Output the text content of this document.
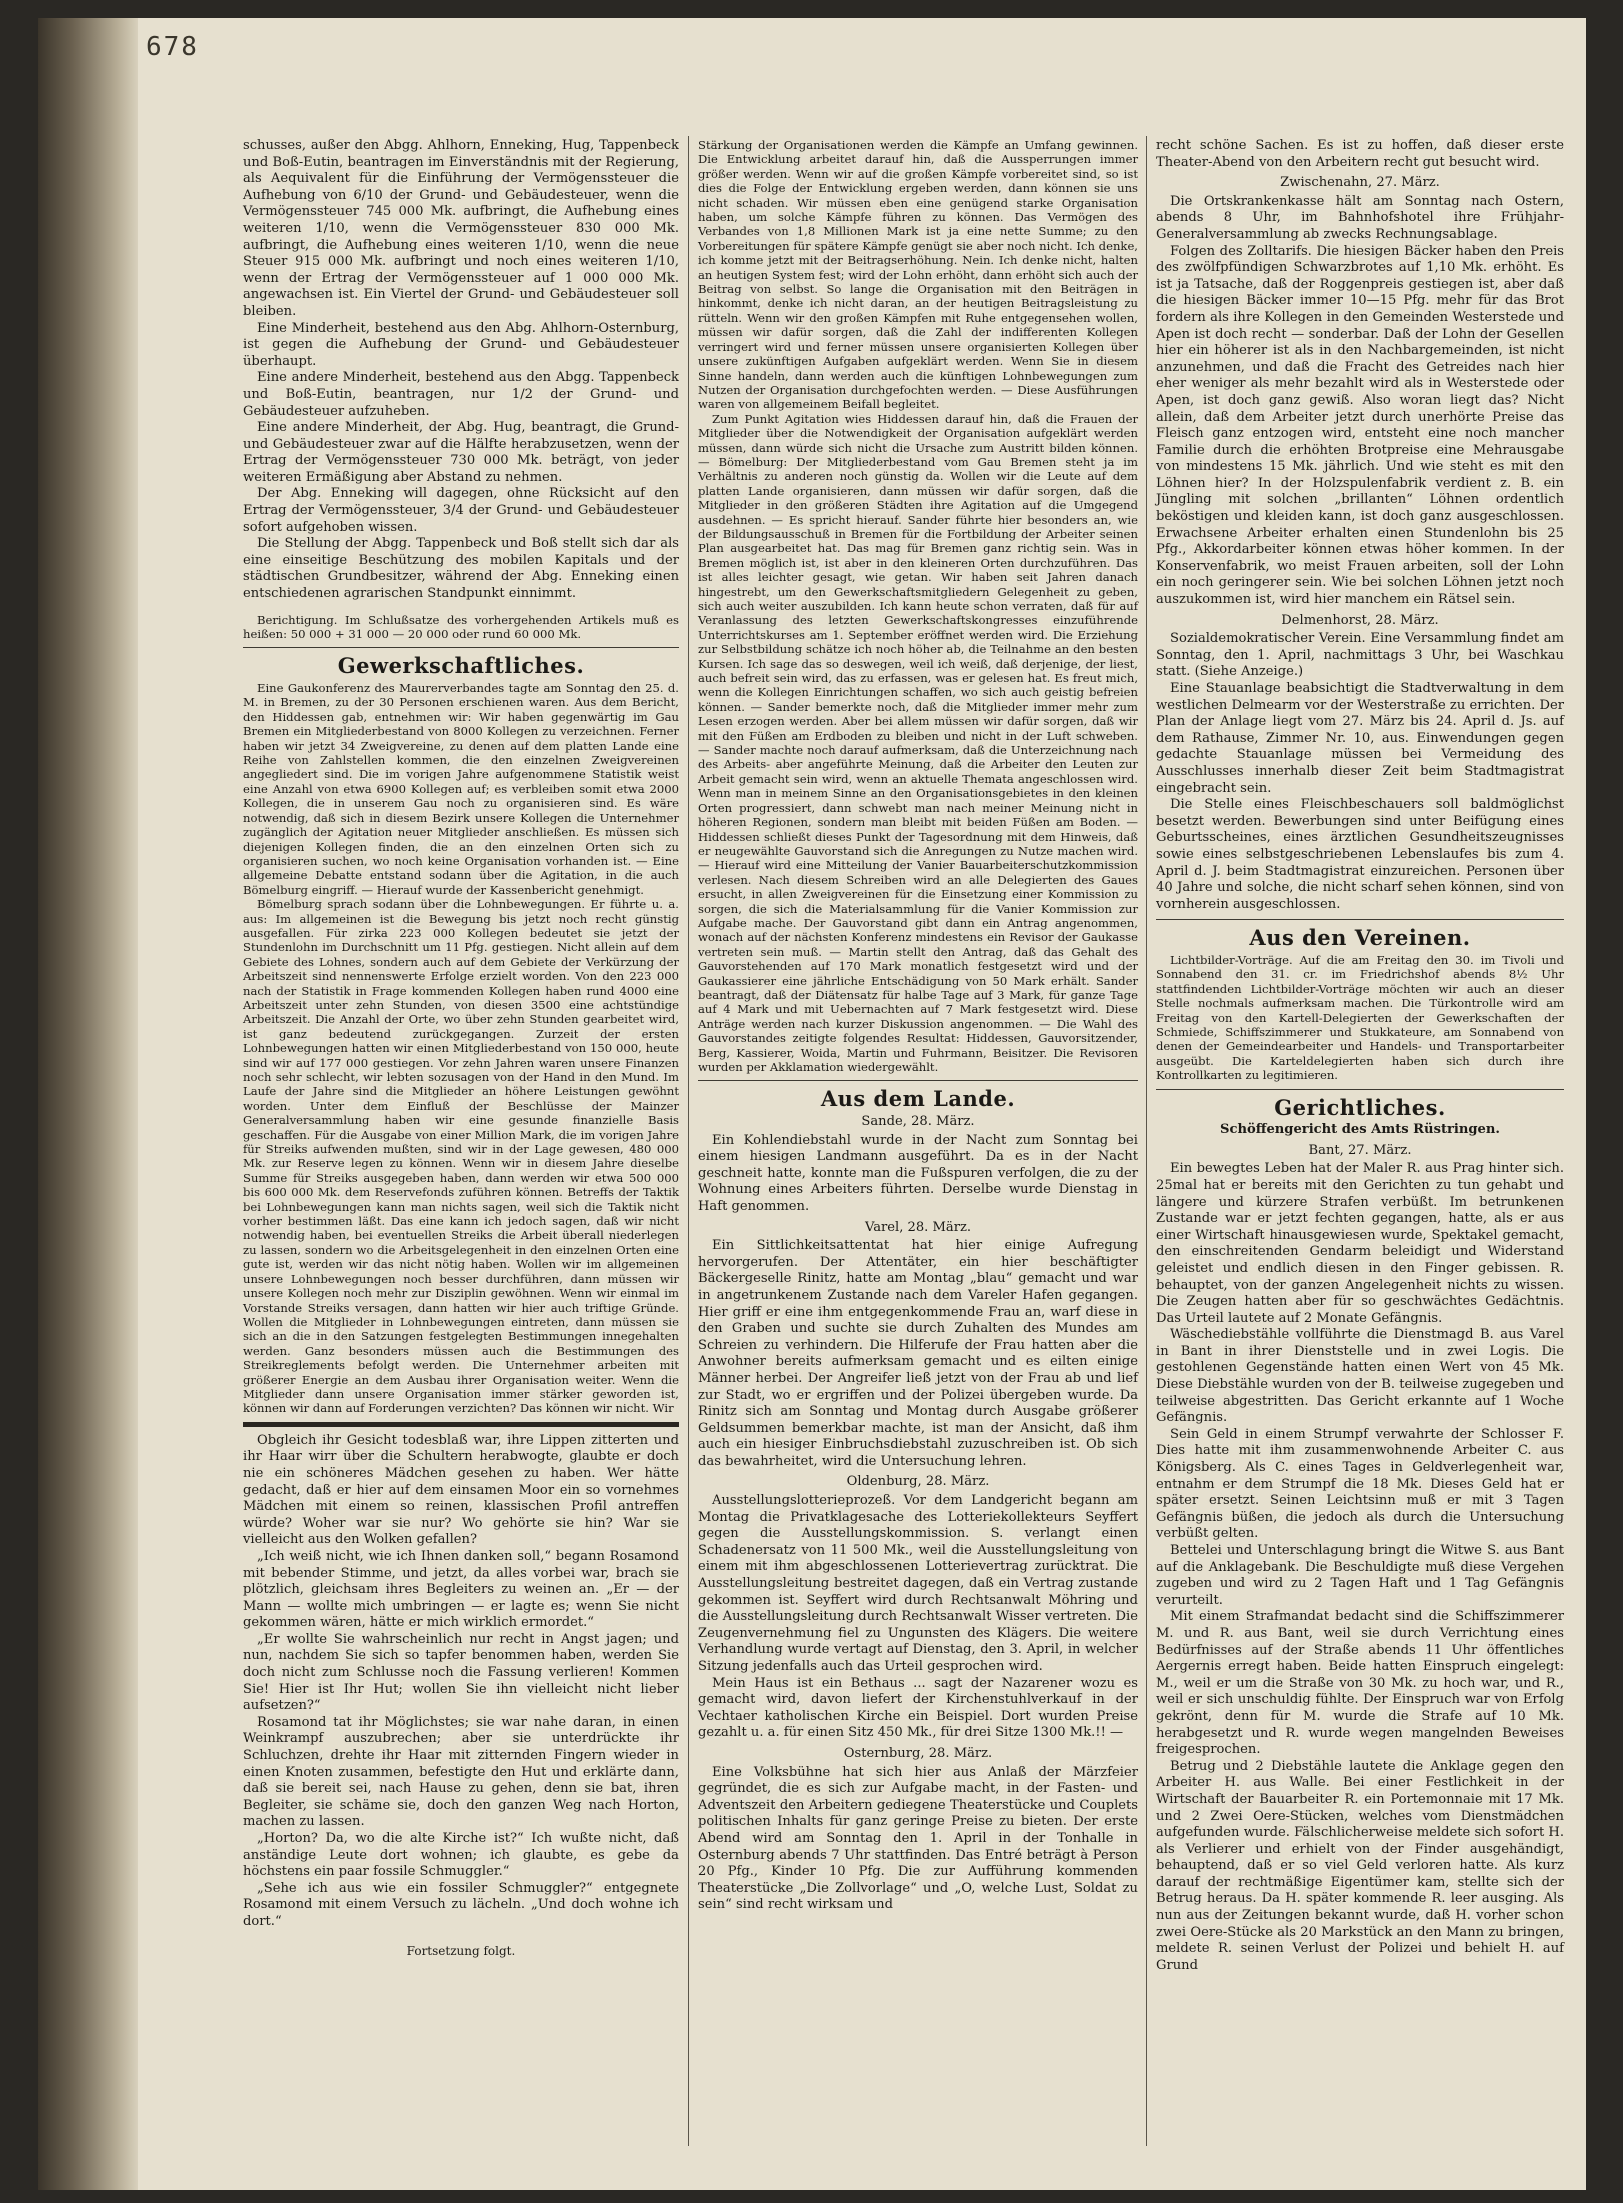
678

schusses, außer den Abgg. Ahlhorn, Enneking, Hug, Tappenbeck und Boß-Eutin, beantragen im Einverständnis mit der Regierung, als Aequivalent für die Einführung der Vermögenssteuer die Aufhebung von 6/10 der Grund- und Gebäudesteuer, wenn die Vermögenssteuer 745 000 Mk. aufbringt, die Aufhebung eines weiteren 1/10, wenn die Vermögenssteuer 830 000 Mk. aufbringt, die Aufhebung eines weiteren 1/10, wenn die neue Steuer 915 000 Mk. aufbringt und noch eines weiteren 1/10, wenn der Ertrag der Vermögenssteuer auf 1 000 000 Mk. angewachsen ist. Ein Viertel der Grund- und Gebäudesteuer soll bleiben.

Eine Minderheit, bestehend aus den Abg. Ahlhorn-Osternburg, ist gegen die Aufhebung der Grund- und Gebäudesteuer überhaupt.

Eine andere Minderheit, bestehend aus den Abgg. Tappenbeck und Boß-Eutin, beantragen, nur 1/2 der Grund- und Gebäudesteuer aufzuheben.

Eine andere Minderheit, der Abg. Hug, beantragt, die Grund- und Gebäudesteuer zwar auf die Hälfte herabzusetzen, wenn der Ertrag der Vermögenssteuer 730 000 Mk. beträgt, von jeder weiteren Ermäßigung aber Abstand zu nehmen.

Der Abg. Enneking will dagegen, ohne Rücksicht auf den Ertrag der Vermögenssteuer, 3/4 der Grund- und Gebäudesteuer sofort aufgehoben wissen.

Die Stellung der Abgg. Tappenbeck und Boß stellt sich dar als eine einseitige Beschützung des mobilen Kapitals und der städtischen Grundbesitzer, während der Abg. Enneking einen entschiedenen agrarischen Standpunkt einnimmt.

Berichtigung. Im Schlußsatze des vorhergehenden Artikels muß es heißen: 50 000 + 31 000 — 20 000 oder rund 60 000 Mk.

Gewerkschaftliches.

Eine Gaukonferenz des Maurerverbandes tagte am Sonntag den 25. d. M. in Bremen, zu der 30 Personen erschienen waren. Aus dem Bericht, den Hiddessen gab, entnehmen wir: Wir haben gegenwärtig im Gau Bremen ein Mitgliederbestand von 8000 Kollegen zu verzeichnen. Ferner haben wir jetzt 34 Zweigvereine, zu denen auf dem platten Lande eine Reihe von Zahlstellen kommen, die den einzelnen Zweigvereinen angegliedert sind. Die im vorigen Jahre aufgenommene Statistik weist eine Anzahl von etwa 6900 Kollegen auf; es verbleiben somit etwa 2000 Kollegen, die in unserem Gau noch zu organisieren sind. Es wäre notwendig, daß sich in diesem Bezirk unsere Kollegen die Unternehmer zugänglich der Agitation neuer Mitglieder anschließen. Es müssen sich diejenigen Kollegen finden, die an den einzelnen Orten sich zu organisieren suchen, wo noch keine Organisation vorhanden ist. — Eine allgemeine Debatte entstand sodann über die Agitation, in die auch Bömelburg eingriff. — Hierauf wurde der Kassenbericht genehmigt.

Bömelburg sprach sodann über die Lohnbewegungen. Er führte u. a. aus: Im allgemeinen ist die Bewegung bis jetzt noch recht günstig ausgefallen. Für zirka 223 000 Kollegen bedeutet sie jetzt der Stundenlohn im Durchschnitt um 11 Pfg. gestiegen. Nicht allein auf dem Gebiete des Lohnes, sondern auch auf dem Gebiete der Verkürzung der Arbeitszeit sind nennenswerte Erfolge erzielt worden. Von den 223 000 nach der Statistik in Frage kommenden Kollegen haben rund 4000 eine Arbeitszeit unter zehn Stunden, von diesen 3500 eine achtstündige Arbeitszeit. Die Anzahl der Orte, wo über zehn Stunden gearbeitet wird, ist ganz bedeutend zurückgegangen. Zurzeit der ersten Lohnbewegungen hatten wir einen Mitgliederbestand von 150 000, heute sind wir auf 177 000 gestiegen. Vor zehn Jahren waren unsere Finanzen noch sehr schlecht, wir lebten sozusagen von der Hand in den Mund. Im Laufe der Jahre sind die Mitglieder an höhere Leistungen gewöhnt worden. Unter dem Einfluß der Beschlüsse der Mainzer Generalversammlung haben wir eine gesunde finanzielle Basis geschaffen. Für die Ausgabe von einer Million Mark, die im vorigen Jahre für Streiks aufwenden mußten, sind wir in der Lage gewesen, 480 000 Mk. zur Reserve legen zu können. Wenn wir in diesem Jahre dieselbe Summe für Streiks ausgegeben haben, dann werden wir etwa 500 000 bis 600 000 Mk. dem Reservefonds zuführen können. Betreffs der Taktik bei Lohnbewegungen kann man nichts sagen, weil sich die Taktik nicht vorher bestimmen läßt. Das eine kann ich jedoch sagen, daß wir nicht notwendig haben, bei eventuellen Streiks die Arbeit überall niederlegen zu lassen, sondern wo die Arbeitsgelegenheit in den einzelnen Orten eine gute ist, werden wir das nicht nötig haben. Wollen wir im allgemeinen unsere Lohnbewegungen noch besser durchführen, dann müssen wir unsere Kollegen noch mehr zur Disziplin gewöhnen. Wenn wir einmal im Vorstande Streiks versagen, dann hatten wir hier auch triftige Gründe. Wollen die Mitglieder in Lohnbewegungen eintreten, dann müssen sie sich an die in den Satzungen festgelegten Bestimmungen innegehalten werden. Ganz besonders müssen auch die Bestimmungen des Streikreglements befolgt werden. Die Unternehmer arbeiten mit größerer Energie an dem Ausbau ihrer Organisation weiter. Wenn die Mitglieder dann unsere Organisation immer stärker geworden ist, können wir dann auf Forderungen verzichten? Das können wir nicht. Wir

Obgleich ihr Gesicht todesblaß war, ihre Lippen zitterten und ihr Haar wirr über die Schultern herabwogte, glaubte er doch nie ein schöneres Mädchen gesehen zu haben. Wer hätte gedacht, daß er hier auf dem einsamen Moor ein so vornehmes Mädchen mit einem so reinen, klassischen Profil antreffen würde? Woher war sie nur? Wo gehörte sie hin? War sie vielleicht aus den Wolken gefallen?

„Ich weiß nicht, wie ich Ihnen danken soll,“ begann Rosamond mit bebender Stimme, und jetzt, da alles vorbei war, brach sie plötzlich, gleichsam ihres Begleiters zu weinen an. „Er — der Mann — wollte mich umbringen — er lagte es; wenn Sie nicht gekommen wären, hätte er mich wirklich ermordet.“

„Er wollte Sie wahrscheinlich nur recht in Angst jagen; und nun, nachdem Sie sich so tapfer benommen haben, werden Sie doch nicht zum Schlusse noch die Fassung verlieren! Kommen Sie! Hier ist Ihr Hut; wollen Sie ihn vielleicht nicht lieber aufsetzen?“

Rosamond tat ihr Möglichstes; sie war nahe daran, in einen Weinkrampf auszubrechen; aber sie unterdrückte ihr Schluchzen, drehte ihr Haar mit zitternden Fingern wieder in einen Knoten zusammen, befestigte den Hut und erklärte dann, daß sie bereit sei, nach Hause zu gehen, denn sie bat, ihren Begleiter, sie schäme sie, doch den ganzen Weg nach Horton, machen zu lassen.

„Horton? Da, wo die alte Kirche ist?“ Ich wußte nicht, daß anständige Leute dort wohnen; ich glaubte, es gebe da höchstens ein paar fossile Schmuggler.“

„Sehe ich aus wie ein fossiler Schmuggler?“ entgegnete Rosamond mit einem Versuch zu lächeln. „Und doch wohne ich dort.“

Fortsetzung folgt.

Stärkung der Organisationen werden die Kämpfe an Umfang gewinnen. Die Entwicklung arbeitet darauf hin, daß die Aussperrungen immer größer werden. Wenn wir auf die großen Kämpfe vorbereitet sind, so ist dies die Folge der Entwicklung ergeben werden, dann können sie uns nicht schaden. Wir müssen eben eine genügend starke Organisation haben, um solche Kämpfe führen zu können. Das Vermögen des Verbandes von 1,8 Millionen Mark ist ja eine nette Summe; zu den Vorbereitungen für spätere Kämpfe genügt sie aber noch nicht. Ich denke, ich komme jetzt mit der Beitragserhöhung. Nein. Ich denke nicht, halten an heutigen System fest; wird der Lohn erhöht, dann erhöht sich auch der Beitrag von selbst. So lange die Organisation mit den Beiträgen in hinkommt, denke ich nicht daran, an der heutigen Beitragsleistung zu rütteln. Wenn wir den großen Kämpfen mit Ruhe entgegensehen wollen, müssen wir dafür sorgen, daß die Zahl der indifferenten Kollegen verringert wird und ferner müssen unsere organisierten Kollegen über unsere zukünftigen Aufgaben aufgeklärt werden. Wenn Sie in diesem Sinne handeln, dann werden auch die künftigen Lohnbewegungen zum Nutzen der Organisation durchgefochten werden. — Diese Ausführungen waren von allgemeinem Beifall begleitet.

Zum Punkt Agitation wies Hiddessen darauf hin, daß die Frauen der Mitglieder über die Notwendigkeit der Organisation aufgeklärt werden müssen, dann würde sich nicht die Ursache zum Austritt bilden können. — Bömelburg: Der Mitgliederbestand vom Gau Bremen steht ja im Verhältnis zu anderen noch günstig da. Wollen wir die Leute auf dem platten Lande organisieren, dann müssen wir dafür sorgen, daß die Mitglieder in den größeren Städten ihre Agitation auf die Umgegend ausdehnen. — Es spricht hierauf. Sander führte hier besonders an, wie der Bildungsausschuß in Bremen für die Fortbildung der Arbeiter seinen Plan ausgearbeitet hat. Das mag für Bremen ganz richtig sein. Was in Bremen möglich ist, ist aber in den kleineren Orten durchzuführen. Das ist alles leichter gesagt, wie getan. Wir haben seit Jahren danach hingestrebt, um den Gewerkschaftsmitgliedern Gelegenheit zu geben, sich auch weiter auszubilden. Ich kann heute schon verraten, daß für auf Veranlassung des letzten Gewerkschaftskongresses einzuführende Unterrichtskurses am 1. September eröffnet werden wird. Die Erziehung zur Selbstbildung schätze ich noch höher ab, die Teilnahme an den besten Kursen. Ich sage das so deswegen, weil ich weiß, daß derjenige, der liest, auch befreit sein wird, das zu erfassen, was er gelesen hat. Es freut mich, wenn die Kollegen Einrichtungen schaffen, wo sich auch geistig befreien können. — Sander bemerkte noch, daß die Mitglieder immer mehr zum Lesen erzogen werden. Aber bei allem müssen wir dafür sorgen, daß wir mit den Füßen am Erdboden zu bleiben und nicht in der Luft schweben. — Sander machte noch darauf aufmerksam, daß die Unterzeichnung nach des Arbeits- aber angeführte Meinung, daß die Arbeiter den Leuten zur Arbeit gemacht sein wird, wenn an aktuelle Themata angeschlossen wird. Wenn man in meinem Sinne an den Organisationsgebietes in den kleinen Orten progressiert, dann schwebt man nach meiner Meinung nicht in höheren Regionen, sondern man bleibt mit beiden Füßen am Boden. — Hiddessen schließt dieses Punkt der Tagesordnung mit dem Hinweis, daß er neugewählte Gauvorstand sich die Anregungen zu Nutze machen wird. — Hierauf wird eine Mitteilung der Vanier Bauarbeiterschutzkommission verlesen. Nach diesem Schreiben wird an alle Delegierten des Gaues ersucht, in allen Zweigvereinen für die Einsetzung einer Kommission zu sorgen, die sich die Materialsammlung für die Vanier Kommission zur Aufgabe mache. Der Gauvorstand gibt dann ein Antrag angenommen, wonach auf der nächsten Konferenz mindestens ein Revisor der Gaukasse vertreten sein muß. — Martin stellt den Antrag, daß das Gehalt des Gauvorstehenden auf 170 Mark monatlich festgesetzt wird und der Gaukassierer eine jährliche Entschädigung von 50 Mark erhält. Sander beantragt, daß der Diätensatz für halbe Tage auf 3 Mark, für ganze Tage auf 4 Mark und mit Uebernachten auf 7 Mark festgesetzt wird. Diese Anträge werden nach kurzer Diskussion angenommen. — Die Wahl des Gauvorstandes zeitigte folgendes Resultat: Hiddessen, Gauvorsitzender, Berg, Kassierer, Woida, Martin und Fuhrmann, Beisitzer. Die Revisoren wurden per Akklamation wiedergewählt.

Aus dem Lande.
Sande, 28. März.

Ein Kohlendiebstahl wurde in der Nacht zum Sonntag bei einem hiesigen Landmann ausgeführt. Da es in der Nacht geschneit hatte, konnte man die Fußspuren verfolgen, die zu der Wohnung eines Arbeiters führten. Derselbe wurde Dienstag in Haft genommen.

Varel, 28. März.

Ein Sittlichkeitsattentat hat hier einige Aufregung hervorgerufen. Der Attentäter, ein hier beschäftigter Bäckergeselle Rinitz, hatte am Montag „blau“ gemacht und war in angetrunkenem Zustande nach dem Vareler Hafen gegangen. Hier griff er eine ihm entgegenkommende Frau an, warf diese in den Graben und suchte sie durch Zuhalten des Mundes am Schreien zu verhindern. Die Hilferufe der Frau hatten aber die Anwohner bereits aufmerksam gemacht und es eilten einige Männer herbei. Der Angreifer ließ jetzt von der Frau ab und lief zur Stadt, wo er ergriffen und der Polizei übergeben wurde. Da Rinitz sich am Sonntag und Montag durch Ausgabe größerer Geldsummen bemerkbar machte, ist man der Ansicht, daß ihm auch ein hiesiger Einbruchsdiebstahl zuzuschreiben ist. Ob sich das bewahrheitet, wird die Untersuchung lehren.

Oldenburg, 28. März.

Ausstellungslotterieprozeß. Vor dem Landgericht begann am Montag die Privatklagesache des Lotteriekollekteurs Seyffert gegen die Ausstellungskommission. S. verlangt einen Schadenersatz von 11 500 Mk., weil die Ausstellungsleitung von einem mit ihm abgeschlossenen Lotterievertrag zurücktrat. Die Ausstellungsleitung bestreitet dagegen, daß ein Vertrag zustande gekommen ist. Seyffert wird durch Rechtsanwalt Möhring und die Ausstellungsleitung durch Rechtsanwalt Wisser vertreten. Die Zeugenvernehmung fiel zu Ungunsten des Klägers. Die weitere Verhandlung wurde vertagt auf Dienstag, den 3. April, in welcher Sitzung jedenfalls auch das Urteil gesprochen wird.

Mein Haus ist ein Bethaus ... sagt der Nazarener wozu es gemacht wird, davon liefert der Kirchenstuhlverkauf in der Vechtaer katholischen Kirche ein Beispiel. Dort wurden Preise gezahlt u. a. für einen Sitz 450 Mk., für drei Sitze 1300 Mk.!! —

Osternburg, 28. März.

Eine Volksbühne hat sich hier aus Anlaß der Märzfeier gegründet, die es sich zur Aufgabe macht, in der Fasten- und Adventszeit den Arbeitern gediegene Theaterstücke und Couplets politischen Inhalts für ganz geringe Preise zu bieten. Der erste Abend wird am Sonntag den 1. April in der Tonhalle in Osternburg abends 7 Uhr stattfinden. Das Entré beträgt à Person 20 Pfg., Kinder 10 Pfg. Die zur Aufführung kommenden Theaterstücke „Die Zollvorlage“ und „O, welche Lust, Soldat zu sein“ sind recht wirksam und

recht schöne Sachen. Es ist zu hoffen, daß dieser erste Theater-Abend von den Arbeitern recht gut besucht wird.

Zwischenahn, 27. März.

Die Ortskrankenkasse hält am Sonntag nach Ostern, abends 8 Uhr, im Bahnhofshotel ihre Frühjahr-Generalversammlung ab zwecks Rechnungsablage.

Folgen des Zolltarifs. Die hiesigen Bäcker haben den Preis des zwölfpfündigen Schwarzbrotes auf 1,10 Mk. erhöht. Es ist ja Tatsache, daß der Roggenpreis gestiegen ist, aber daß die hiesigen Bäcker immer 10—15 Pfg. mehr für das Brot fordern als ihre Kollegen in den Gemeinden Westerstede und Apen ist doch recht — sonderbar. Daß der Lohn der Gesellen hier ein höherer ist als in den Nachbargemeinden, ist nicht anzunehmen, und daß die Fracht des Getreides nach hier eher weniger als mehr bezahlt wird als in Westerstede oder Apen, ist doch ganz gewiß. Also woran liegt das? Nicht allein, daß dem Arbeiter jetzt durch unerhörte Preise das Fleisch ganz entzogen wird, entsteht eine noch mancher Familie durch die erhöhten Brotpreise eine Mehrausgabe von mindestens 15 Mk. jährlich. Und wie steht es mit den Löhnen hier? In der Holzspulenfabrik verdient z. B. ein Jüngling mit solchen „brillanten“ Löhnen ordentlich beköstigen und kleiden kann, ist doch ganz ausgeschlossen. Erwachsene Arbeiter erhalten einen Stundenlohn bis 25 Pfg., Akkordarbeiter können etwas höher kommen. In der Konservenfabrik, wo meist Frauen arbeiten, soll der Lohn ein noch geringerer sein. Wie bei solchen Löhnen jetzt noch auszukommen ist, wird hier manchem ein Rätsel sein.

Delmenhorst, 28. März.

Sozialdemokratischer Verein. Eine Versammlung findet am Sonntag, den 1. April, nachmittags 3 Uhr, bei Waschkau statt. (Siehe Anzeige.)

Eine Stauanlage beabsichtigt die Stadtverwaltung in dem westlichen Delmearm vor der Westerstraße zu errichten. Der Plan der Anlage liegt vom 27. März bis 24. April d. Js. auf dem Rathause, Zimmer Nr. 10, aus. Einwendungen gegen gedachte Stauanlage müssen bei Vermeidung des Ausschlusses innerhalb dieser Zeit beim Stadtmagistrat eingebracht sein.

Die Stelle eines Fleischbeschauers soll baldmöglichst besetzt werden. Bewerbungen sind unter Beifügung eines Geburtsscheines, eines ärztlichen Gesundheitszeugnisses sowie eines selbstgeschriebenen Lebenslaufes bis zum 4. April d. J. beim Stadtmagistrat einzureichen. Personen über 40 Jahre und solche, die nicht scharf sehen können, sind von vornherein ausgeschlossen.

Aus den Vereinen.

Lichtbilder-Vorträge. Auf die am Freitag den 30. im Tivoli und Sonnabend den 31. cr. im Friedrichshof abends 8½ Uhr stattfindenden Lichtbilder-Vorträge möchten wir auch an dieser Stelle nochmals aufmerksam machen. Die Türkontrolle wird am Freitag von den Kartell-Delegierten der Gewerkschaften der Schmiede, Schiffszimmerer und Stukkateure, am Sonnabend von denen der Gemeindearbeiter und Handels- und Transportarbeiter ausgeübt. Die Karteldelegierten haben sich durch ihre Kontrollkarten zu legitimieren.

Gerichtliches.
Schöffengericht des Amts Rüstringen.
Bant, 27. März.

Ein bewegtes Leben hat der Maler R. aus Prag hinter sich. 25mal hat er bereits mit den Gerichten zu tun gehabt und längere und kürzere Strafen verbüßt. Im betrunkenen Zustande war er jetzt fechten gegangen, hatte, als er aus einer Wirtschaft hinausgewiesen wurde, Spektakel gemacht, den einschreitenden Gendarm beleidigt und Widerstand geleistet und endlich diesen in den Finger gebissen. R. behauptet, von der ganzen Angelegenheit nichts zu wissen. Die Zeugen hatten aber für so geschwächtes Gedächtnis. Das Urteil lautete auf 2 Monate Gefängnis.

Wäschediebstähle vollführte die Dienstmagd B. aus Varel in Bant in ihrer Dienststelle und in zwei Logis. Die gestohlenen Gegenstände hatten einen Wert von 45 Mk. Diese Diebstähle wurden von der B. teilweise zugegeben und teilweise abgestritten. Das Gericht erkannte auf 1 Woche Gefängnis.

Sein Geld in einem Strumpf verwahrte der Schlosser F. Dies hatte mit ihm zusammenwohnende Arbeiter C. aus Königsberg. Als C. eines Tages in Geldverlegenheit war, entnahm er dem Strumpf die 18 Mk. Dieses Geld hat er später ersetzt. Seinen Leichtsinn muß er mit 3 Tagen Gefängnis büßen, die jedoch als durch die Untersuchung verbüßt gelten.

Bettelei und Unterschlagung bringt die Witwe S. aus Bant auf die Anklagebank. Die Beschuldigte muß diese Vergehen zugeben und wird zu 2 Tagen Haft und 1 Tag Gefängnis verurteilt.

Mit einem Strafmandat bedacht sind die Schiffszimmerer M. und R. aus Bant, weil sie durch Verrichtung eines Bedürfnisses auf der Straße abends 11 Uhr öffentliches Aergernis erregt haben. Beide hatten Einspruch eingelegt: M., weil er um die Straße von 30 Mk. zu hoch war, und R., weil er sich unschuldig fühlte. Der Einspruch war von Erfolg gekrönt, denn für M. wurde die Strafe auf 10 Mk. herabgesetzt und R. wurde wegen mangelnden Beweises freigesprochen.

Betrug und 2 Diebstähle lautete die Anklage gegen den Arbeiter H. aus Walle. Bei einer Festlichkeit in der Wirtschaft der Bauarbeiter R. ein Portemonnaie mit 17 Mk. und 2 Zwei Oere-Stücken, welches vom Dienstmädchen aufgefunden wurde. Fälschlicherweise meldete sich sofort H. als Verlierer und erhielt von der Finder ausgehändigt, behauptend, daß er so viel Geld verloren hatte. Als kurz darauf der rechtmäßige Eigentümer kam, stellte sich der Betrug heraus. Da H. später kommende R. leer ausging. Als nun aus der Zeitungen bekannt wurde, daß H. vorher schon zwei Oere-Stücke als 20 Markstück an den Mann zu bringen, meldete R. seinen Verlust der Polizei und behielt H. auf Grund
